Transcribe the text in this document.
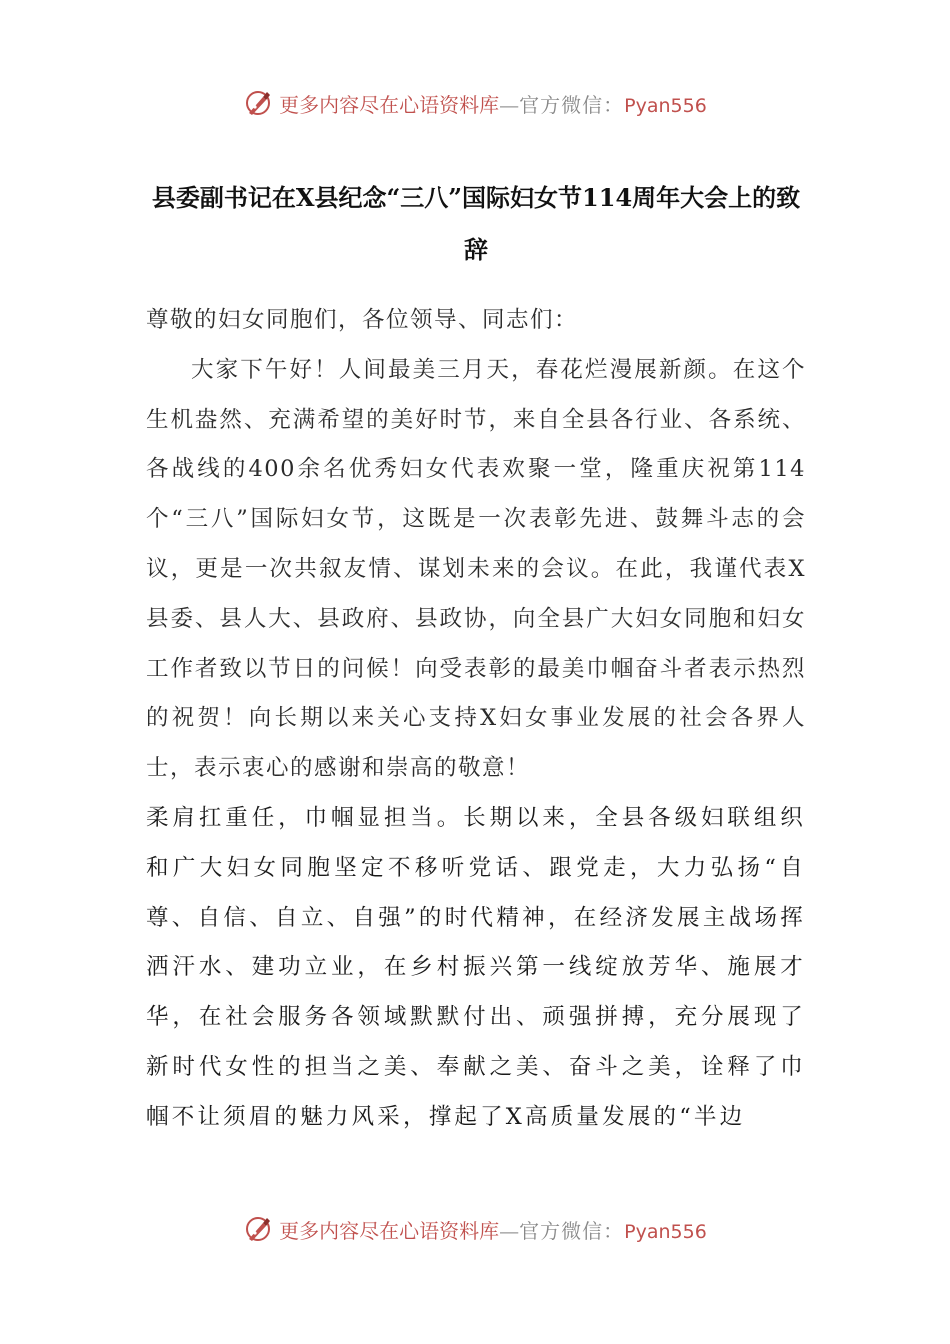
更多内容尽在心语资料库—官方微信：Pyan556
县委副书记在X县纪念“三八”国际妇女节114周年大会上的致辞

尊敬的妇女同胞们，各位领导、同志们：

大家下午好！人间最美三月天，春花烂漫展新颜。在这个生机盎然、充满希望的美好时节，来自全县各行业、各系统、各战线的400余名优秀妇女代表欢聚一堂，隆重庆祝第114个“三八”国际妇女节，这既是一次表彰先进、鼓舞斗志的会议，更是一次共叙友情、谋划未来的会议。在此，我谨代表X县委、县人大、县政府、县政协，向全县广大妇女同胞和妇女工作者致以节日的问候！向受表彰的最美巾帼奋斗者表示热烈的祝贺！向长期以来关心支持X妇女事业发展的社会各界人士，表示衷心的感谢和崇高的敬意！

柔肩扛重任，巾帼显担当。长期以来，全县各级妇联组织和广大妇女同胞坚定不移听党话、跟党走，大力弘扬“自尊、自信、自立、自强”的时代精神，在经济发展主战场挥洒汗水、建功立业，在乡村振兴第一线绽放芳华、施展才华，在社会服务各领域默默付出、顽强拼搏，充分展现了新时代女性的担当之美、奉献之美、奋斗之美，诠释了巾帼不让须眉的魅力风采，撑起了X高质量发展的“半边

更多内容尽在心语资料库—官方微信：Pyan556
